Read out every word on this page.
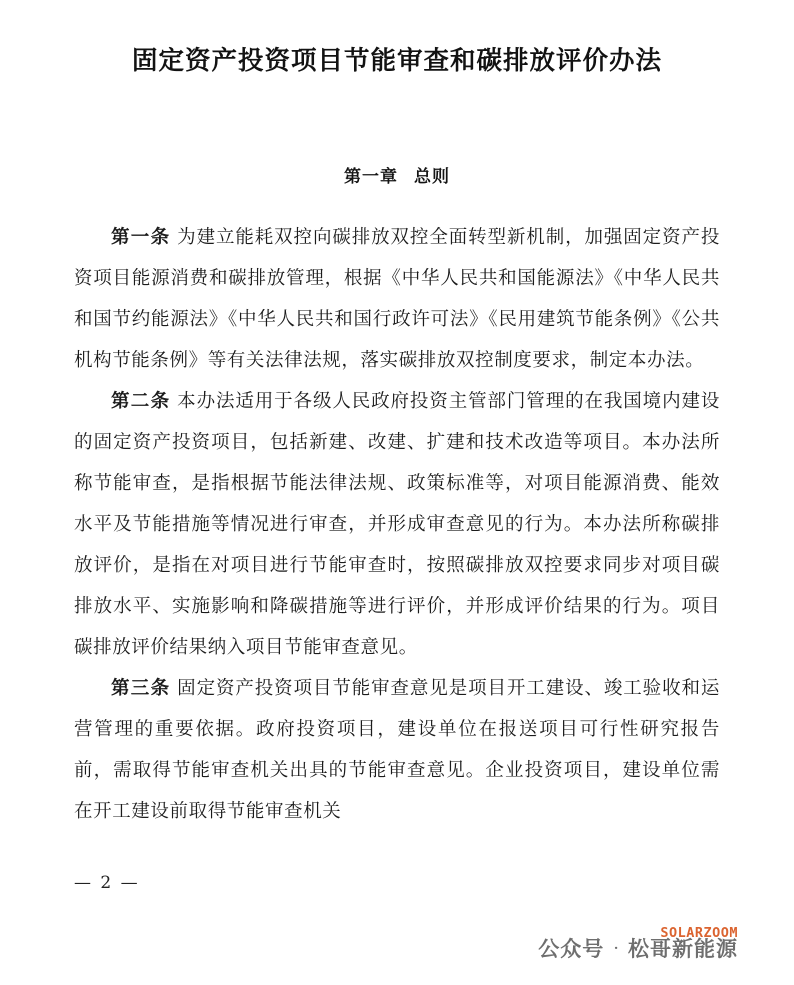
固定资产投资项目节能审查和碳排放评价办法
第一章 总则

第一条 为建立能耗双控向碳排放双控全面转型新机制，加强固定资产投资项目能源消费和碳排放管理，根据《中华人民共和国能源法》《中华人民共和国节约能源法》《中华人民共和国行政许可法》《民用建筑节能条例》《公共机构节能条例》等有关法律法规，落实碳排放双控制度要求，制定本办法。

第二条 本办法适用于各级人民政府投资主管部门管理的在我国境内建设的固定资产投资项目，包括新建、改建、扩建和技术改造等项目。本办法所称节能审查，是指根据节能法律法规、政策标准等，对项目能源消费、能效水平及节能措施等情况进行审查，并形成审查意见的行为。本办法所称碳排放评价，是指在对项目进行节能审查时，按照碳排放双控要求同步对项目碳排放水平、实施影响和降碳措施等进行评价，并形成评价结果的行为。项目碳排放评价结果纳入项目节能审查意见。

第三条 固定资产投资项目节能审查意见是项目开工建设、竣工验收和运营管理的重要依据。政府投资项目，建设单位在报送项目可行性研究报告前，需取得节能审查机关出具的节能审查意见。企业投资项目，建设单位需在开工建设前取得节能审查机关

— 2 —
SOLARZOOM
公众号 · 松哥新能源
